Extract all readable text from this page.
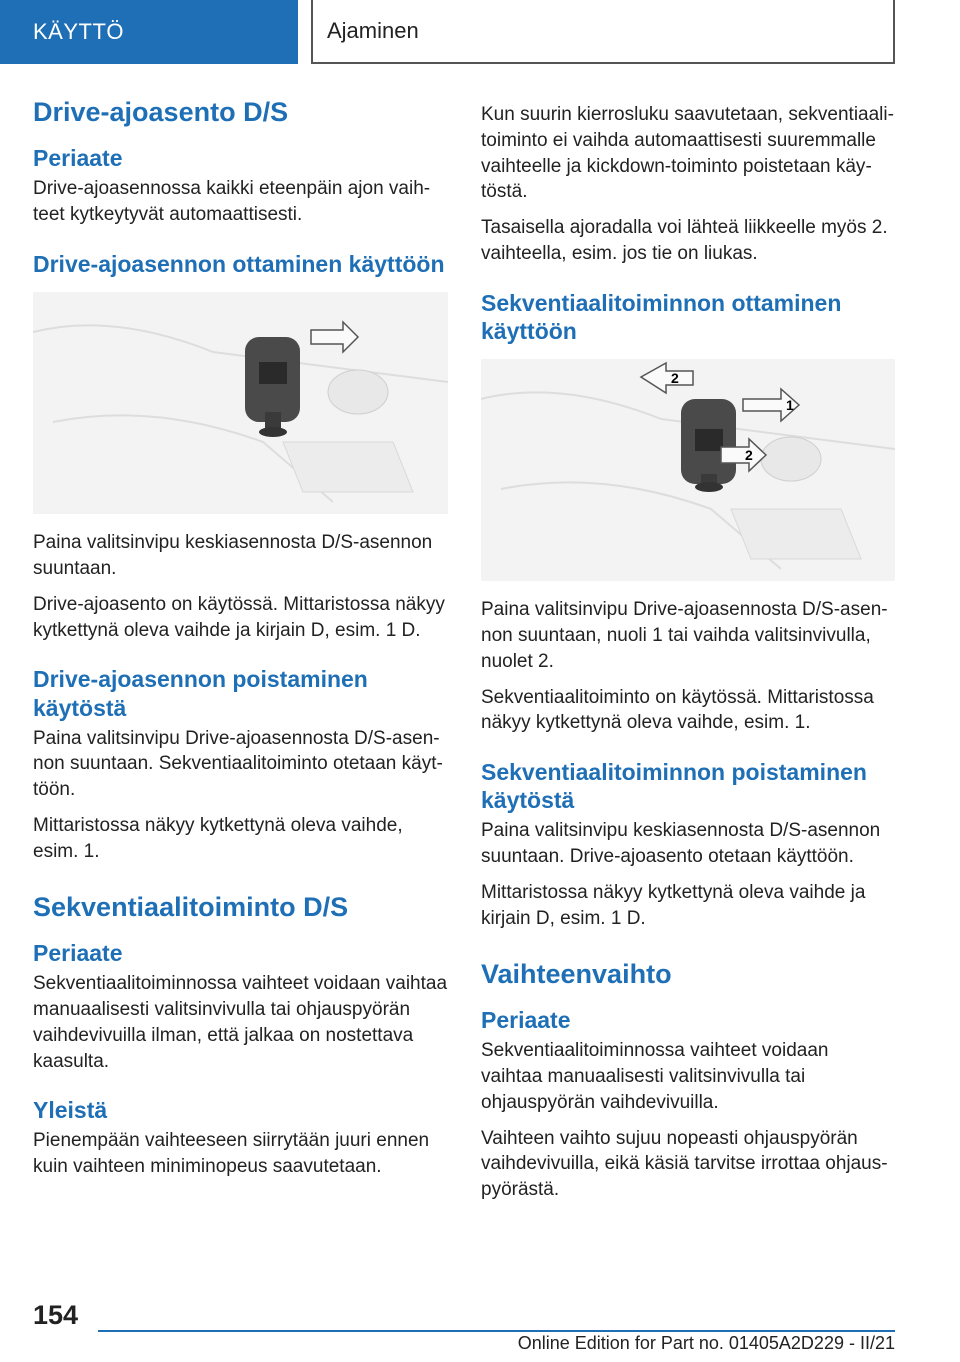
KÄYTTÖ	Ajaminen
Drive-ajoasento D/S
Periaate

Drive-ajoasennossa kaikki eteenpäin ajon vaihteet kytkeytyvät automaattisesti.

Drive-ajoasennon ottaminen käyttöön

Paina valitsinvipu keskiasennosta D/S-asennon suuntaan.

Drive-ajoasento on käytössä. Mittaristossa näkyy kytkettynä oleva vaihde ja kirjain D, esim. 1 D.

Drive-ajoasennon poistaminen käytöstä

Paina valitsinvipu Drive-ajoasennosta D/S-asennon suuntaan. Sekventiaalitoiminto otetaan käyttöön.

Mittaristossa näkyy kytkettynä oleva vaihde, esim. 1.

Sekventiaalitoiminto D/S
Periaate

Sekventiaalitoiminnossa vaihteet voidaan vaihtaa manuaalisesti valitsinvivulla tai ohjauspyörän vaihdevivuilla ilman, että jalkaa on nostettava kaasulta.

Yleistä

Pienempään vaihteeseen siirrytään juuri ennen kuin vaihteen miniminopeus saavutetaan.

Kun suurin kierrosluku saavutetaan, sekventiaalitoiminto ei vaihda automaattisesti suuremmalle vaihteelle ja kickdown-toiminto poistetaan käytöstä.

Tasaisella ajoradalla voi lähteä liikkeelle myös 2. vaihteella, esim. jos tie on liukas.

Sekventiaalitoiminnon ottaminen käyttöön
1
2
2

Paina valitsinvipu Drive-ajoasennosta D/S-asennon suuntaan, nuoli 1 tai vaihda valitsinvivulla, nuolet 2.

Sekventiaalitoiminto on käytössä. Mittaristossa näkyy kytkettynä oleva vaihde, esim. 1.

Sekventiaalitoiminnon poistaminen käytöstä

Paina valitsinvipu keskiasennosta D/S-asennon suuntaan. Drive-ajoasento otetaan käyttöön.

Mittaristossa näkyy kytkettynä oleva vaihde ja kirjain D, esim. 1 D.

Vaihteenvaihto
Periaate

Sekventiaalitoiminnossa vaihteet voidaan vaihtaa manuaalisesti valitsinvivulla tai ohjauspyörän vaihdevivuilla.

Vaihteen vaihto sujuu nopeasti ohjauspyörän vaihdevivuilla, eikä käsiä tarvitse irrottaa ohjauspyörästä.

154
Online Edition for Part no. 01405A2D229 - II/21
